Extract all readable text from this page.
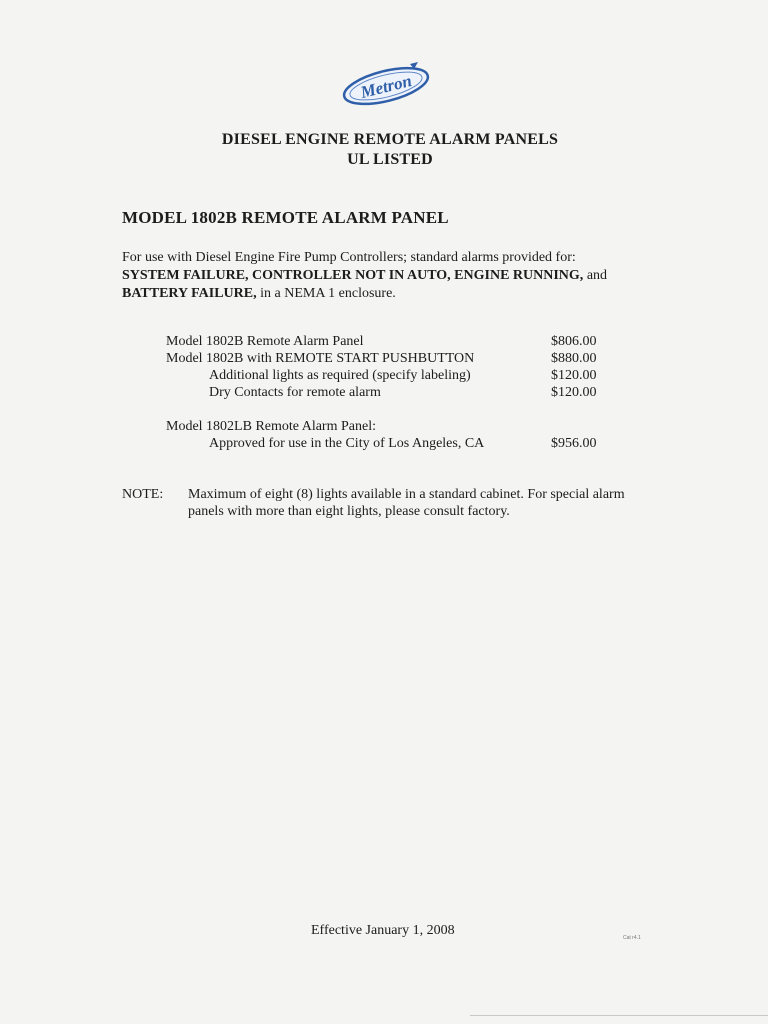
Metron
DIESEL ENGINE REMOTE ALARM PANELS
UL LISTED
MODEL 1802B REMOTE ALARM PANEL
For use with Diesel Engine Fire Pump Controllers; standard alarms provided for:
SYSTEM FAILURE, CONTROLLER NOT IN AUTO, ENGINE RUNNING, and
BATTERY FAILURE, in a NEMA 1 enclosure.
Model 1802B Remote Alarm Panel	$806.00
Model 1802B with REMOTE START PUSHBUTTON	$880.00
Additional lights as required (specify labeling)	$120.00
Dry Contacts for remote alarm	$120.00
Model 1802LB Remote Alarm Panel:
Approved for use in the City of Los Angeles, CA	$956.00
NOTE: Maximum of eight (8) lights available in a standard cabinet. For special alarm panels with more than eight lights, please consult factory.
Effective January 1, 2008	Cat r4.1
